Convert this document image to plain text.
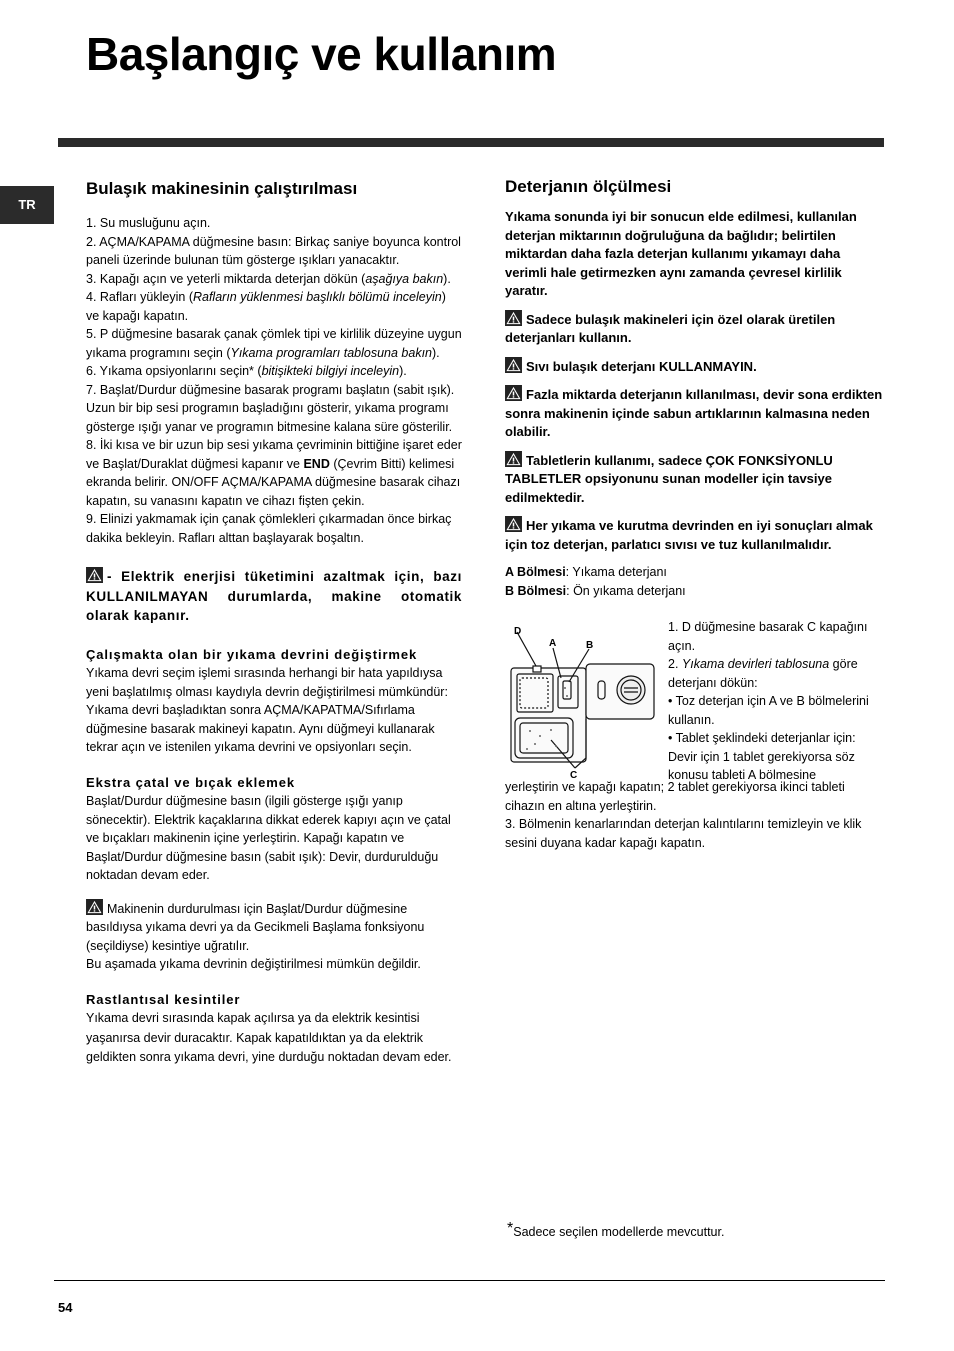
Başlangıç ve kullanım
TR
Bulaşık makinesinin çalıştırılması

1. Su musluğunu açın.

2. AÇMA/KAPAMA düğmesine basın: Birkaç saniye boyunca kontrol paneli üzerinde bulunan tüm gösterge ışıkları yanacaktır.

3. Kapağı açın ve yeterli miktarda deterjan dökün (aşağıya bakın).

4. Rafları yükleyin (Rafların yüklenmesi başlıklı bölümü inceleyin) ve kapağı kapatın.

5. P düğmesine basarak çanak çömlek tipi ve kirlilik düzeyine uygun yıkama programını seçin (Yıkama programları tablosuna bakın).

6. Yıkama opsiyonlarını seçin* (bitişikteki bilgiyi inceleyin).

7. Başlat/Durdur düğmesine basarak programı başlatın (sabit ışık). Uzun bir bip sesi programın başladığını gösterir, yıkama programı gösterge ışığı yanar ve programın bitmesine kalana süre gösterilir.

8. İki kısa ve bir uzun bip sesi yıkama çevriminin bittiğine işaret eder ve Başlat/Duraklat düğmesi kapanır ve END (Çevrim Bitti) kelimesi ekranda belirir. ON/OFF AÇMA/KAPAMA düğmesine basarak cihazı kapatın, su vanasını kapatın ve cihazı fişten çekin.

9. Elinizi yakmamak için çanak çömlekleri çıkarmadan önce birkaç dakika bekleyin. Rafları alttan başlayarak boşaltın.

- Elektrik enerjisi tüketimini azaltmak için, bazı KULLANILMAYAN durumlarda, makine otomatik olarak kapanır.

Çalışmakta olan bir yıkama devrini değiştirmek

Yıkama devri seçim işlemi sırasında herhangi bir hata yapıldıysa yeni başlatılmış olması kaydıyla devrin değiştirilmesi mümkündür: Yıkama devri başladıktan sonra AÇMA/KAPATMA/Sıfırlama düğmesine basarak makineyi kapatın. Aynı düğmeyi kullanarak tekrar açın ve istenilen yıkama devrini ve opsiyonları seçin.

Ekstra çatal ve bıçak eklemek

Başlat/Durdur düğmesine basın (ilgili gösterge ışığı yanıp sönecektir). Elektrik kaçaklarına dikkat ederek kapıyı açın ve çatal ve bıçakları makinenin içine yerleştirin. Kapağı kapatın ve Başlat/Durdur düğmesine basın (sabit ışık): Devir, durdurulduğu noktadan devam eder.

Makinenin durdurulması için Başlat/Durdur düğmesine basıldıysa yıkama devri ya da Gecikmeli Başlama fonksiyonu (seçildiyse) kesintiye uğratılır.

Bu aşamada yıkama devrinin değiştirilmesi mümkün değildir.

Rastlantısal kesintiler

Yıkama devri sırasında kapak açılırsa ya da elektrik kesintisi yaşanırsa devir duracaktır. Kapak kapatıldıktan ya da elektrik geldikten sonra yıkama devri, yine durduğu noktadan devam eder.

Deterjanın ölçülmesi

Yıkama sonunda iyi bir sonucun elde edilmesi, kullanılan deterjan miktarının doğruluğuna da bağlıdır; belirtilen miktardan daha fazla deterjan kullanımı yıkamayı daha verimli hale getirmezken aynı zamanda çevresel kirlilik yaratır.

Sadece bulaşık makineleri için özel olarak üretilen deterjanları kullanın.

Sıvı bulaşık deterjanı KULLANMAYIN.

Fazla miktarda deterjanın kıllanılması, devir sona erdikten sonra makinenin içinde sabun artıklarının kalmasına neden olabilir.

Tabletlerin kullanımı, sadece ÇOK FONKSİYONLU TABLETLER opsiyonunu sunan modeller için tavsiye edilmektedir.

Her yıkama ve kurutma devrinden en iyi sonuçları almak için toz deterjan, parlatıcı sıvısı ve tuz kullanılmalıdır.

A Bölmesi: Yıkama deterjanı

B Bölmesi: Ön yıkama deterjanı

D
A	B
C

1. D düğmesine basarak C kapağını açın.

2. Yıkama devirleri tablosuna göre deterjanı dökün:

• Toz deterjan için A ve B bölmelerini kullanın.

• Tablet şeklindeki deterjanlar için: Devir için 1 tablet gerekiyorsa söz konusu tableti A bölmesine

yerleştirin ve kapağı kapatın; 2 tablet gerekiyorsa ikinci tableti cihazın en altına yerleştirin.

3. Bölmenin kenarlarından deterjan kalıntılarını temizleyin ve klik sesini duyana kadar kapağı kapatın.

*Sadece seçilen modellerde mevcuttur.
54
